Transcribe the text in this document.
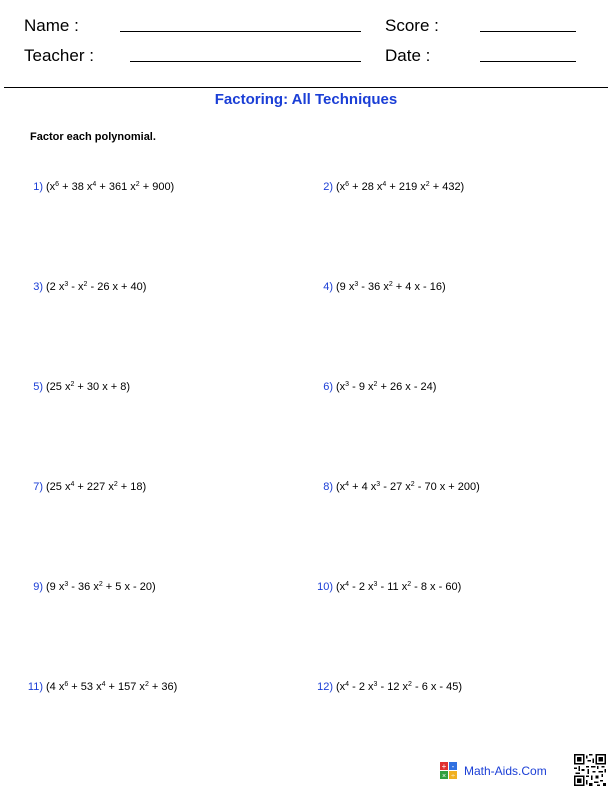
Name :
Teacher :
Score :
Date :
Factoring: All Techniques
Factor each polynomial.
1) ($x^6 + 38$ $x^4 + 361$ $x^2 + 900$)	2) ($x^6 + 28$ $x^4 + 219$ $x^2 + 432$)
3) (2 $x^3 - x^2 - 26$ x + 40)	4) (9 $x^3 - 36$ $x^2 + 4$ x - 16)
5) (25 $x^2 + 30$ x + 8)	6) ($x^3 - 9$ $x^2 + 26$ x - 24)
7) (25 $x^4 + 227$ $x^2 + 18$)	8) ($x^4 + 4$ $x^3 - 27$ $x^2 - 70$ x + 200)
9) (9 $x^3 - 36$ $x^2 + 5$ x - 20)	10) ($x^4 - 2$ $x^3 - 11$ $x^2 - 8$ x - 60)
11) (4 $x^6 + 53$ $x^4 + 157$ $x^2 + 36$)	12) ($x^4 - 2$ $x^3 - 12$ $x^2 - 6$ x - 45)
+ -
× ÷ Math-Aids.Com
